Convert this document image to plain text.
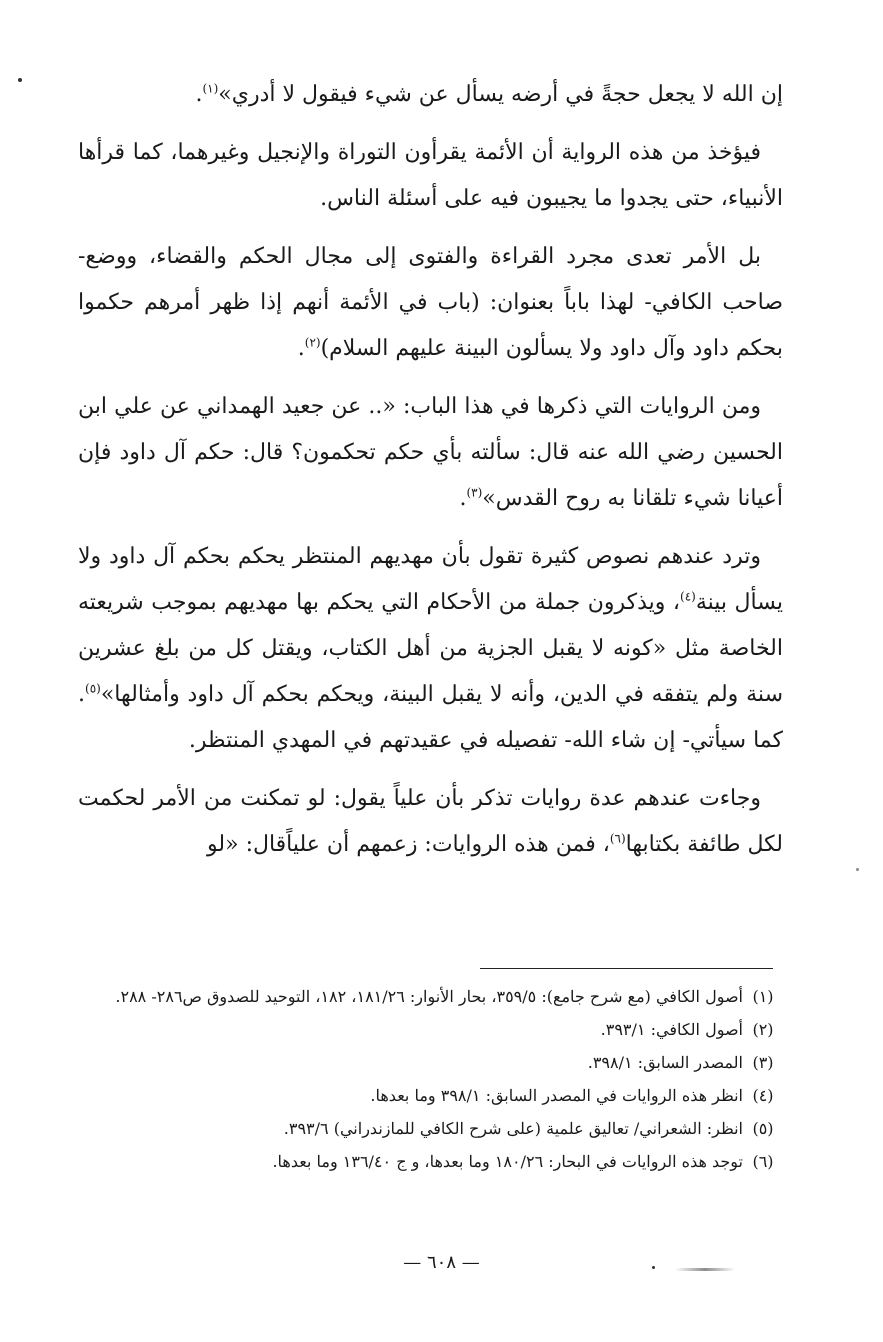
إن الله لا يجعل حجةً في أرضه يسأل عن شيء فيقول لا أدري»$^{(١)}$.

فيؤخذ من هذه الرواية أن الأئمة يقرأون التوراة والإنجيل وغيرهما، كما قرأها الأنبياء، حتى يجدوا ما يجيبون فيه على أسئلة الناس.

بل الأمر تعدى مجرد القراءة والفتوى إلى مجال الحكم والقضاء، ووضع- صاحب الكافي- لهذا باباً بعنوان: (باب في الأئمة أنهم إذا ظهر أمرهم حكموا بحكم داود وآل داود ولا يسألون البينة عليهم السلام)$^{(٢)}$.

ومن الروايات التي ذكرها في هذا الباب: «.. عن جعيد الهمداني عن علي ابن الحسين رضي الله عنه قال: سألته بأي حكم تحكمون؟ قال: حكم آل داود فإن أعيانا شيء تلقانا به روح القدس»$^{(٣)}$.

وترد عندهم نصوص كثيرة تقول بأن مهديهم المنتظر يحكم بحكم آل داود ولا يسأل بينة$^{(٤)}$، ويذكرون جملة من الأحكام التي يحكم بها مهديهم بموجب شريعته الخاصة مثل «كونه لا يقبل الجزية من أهل الكتاب، ويقتل كل من بلغ عشرين سنة ولم يتفقه في الدين، وأنه لا يقبل البينة، ويحكم بحكم آل داود وأمثالها»$^{(٥)}$. كما سيأتي- إن شاء الله- تفصيله في عقيدتهم في المهدي المنتظر.

وجاءت عندهم عدة روايات تذكر بأن علياً يقول: لو تمكنت من الأمر لحكمت لكل طائفة بكتابها$^{(٦)}$، فمن هذه الروايات: زعمهم أن علياًقال: «لو

(١)
أصول الكافي (مع شرح جامع): ٣٥٩/٥، بحار الأنوار: ١٨١/٢٦، ١٨٢، التوحيد للصدوق ص٢٨٦- ٢٨٨.
(٢)
أصول الكافي: ٣٩٣/١.
(٣)
المصدر السابق: ٣٩٨/١.
(٤)
انظر هذه الروايات في المصدر السابق: ٣٩٨/١ وما بعدها.
(٥)
انظر: الشعراني/ تعاليق علمية (على شرح الكافي للمازندراني) ٣٩٣/٦.
(٦)
توجد هذه الروايات في البحار: ١٨٠/٢٦ وما بعدها، و ج ١٣٦/٤٠ وما بعدها.
— ٦٠٨ —
